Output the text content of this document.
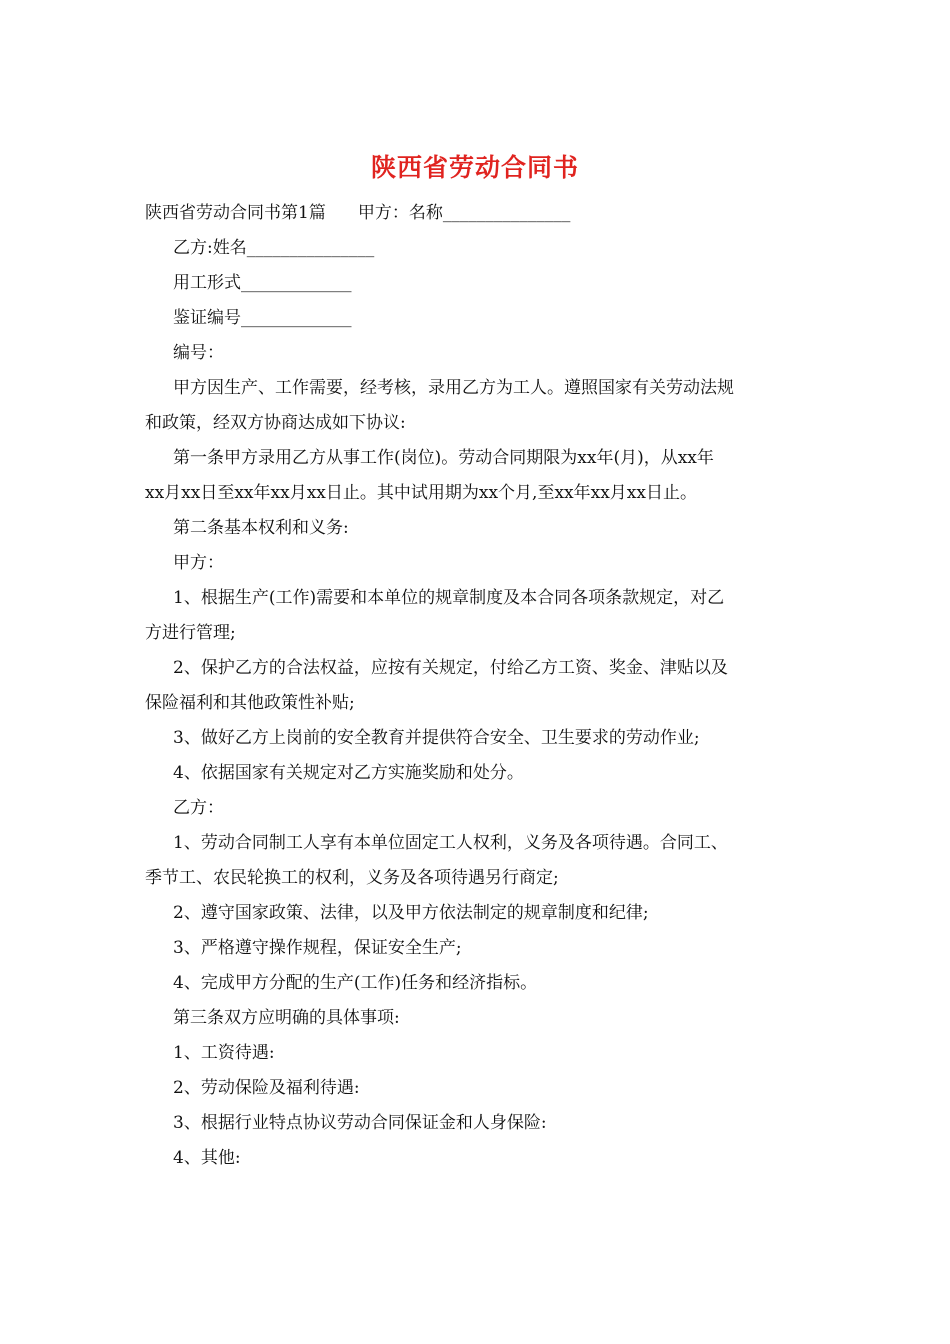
陕西省劳动合同书
陕西省劳动合同书第1篇 甲方：名称_______________
乙方:姓名_______________
用工形式_____________
鉴证编号_____________
编号：
甲方因生产、工作需要，经考核，录用乙方为工人。遵照国家有关劳动法规
和政策，经双方协商达成如下协议:
第一条甲方录用乙方从事工作(岗位)。劳动合同期限为xx年(月)，从xx年
xx月xx日至xx年xx月xx日止。其中试用期为xx个月,至xx年xx月xx日止。
第二条基本权利和义务:
甲方：
1、根据生产(工作)需要和本单位的规章制度及本合同各项条款规定，对乙
方进行管理;
2、保护乙方的合法权益，应按有关规定，付给乙方工资、奖金、津贴以及
保险福利和其他政策性补贴;
3、做好乙方上岗前的安全教育并提供符合安全、卫生要求的劳动作业;
4、依据国家有关规定对乙方实施奖励和处分。
乙方：
1、劳动合同制工人享有本单位固定工人权利，义务及各项待遇。合同工、
季节工、农民轮换工的权利，义务及各项待遇另行商定;
2、遵守国家政策、法律，以及甲方依法制定的规章制度和纪律;
3、严格遵守操作规程，保证安全生产;
4、完成甲方分配的生产(工作)任务和经济指标。
第三条双方应明确的具体事项:
1、工资待遇:
2、劳动保险及福利待遇:
3、根据行业特点协议劳动合同保证金和人身保险:
4、其他:
